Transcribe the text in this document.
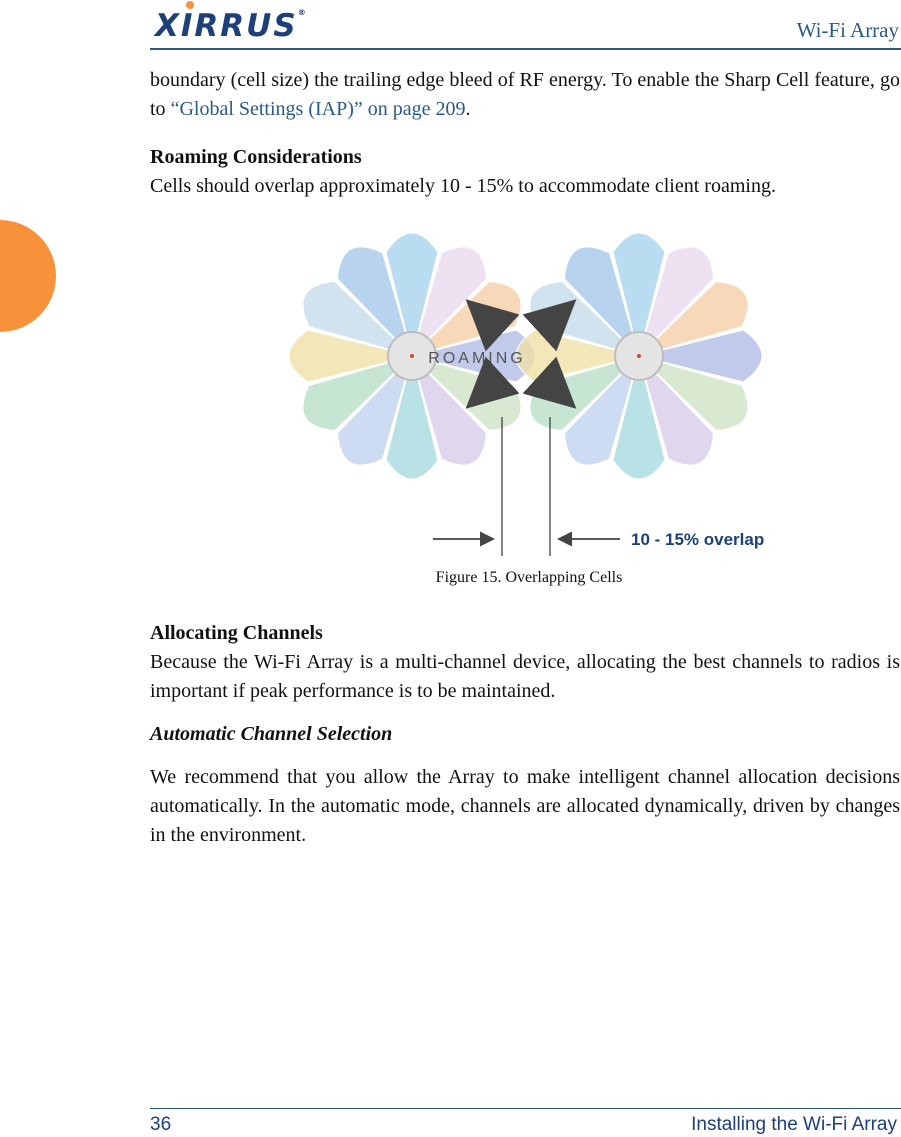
XIRRUS®
Wi-Fi Array

boundary (cell size) the trailing edge bleed of RF energy. To enable the Sharp Cell feature, go to “Global Settings (IAP)” on page 209.

Roaming Considerations

Cells should overlap approximately 10 - 15% to accommodate client roaming.

ROAMING
10 - 15% overlap
Figure 15. Overlapping Cells
Allocating Channels

Because the Wi-Fi Array is a multi-channel device, allocating the best channels to radios is important if peak performance is to be maintained.

Automatic Channel Selection

We recommend that you allow the Array to make intelligent channel allocation decisions automatically. In the automatic mode, channels are allocated dynamically, driven by changes in the environment.

36	Installing the Wi-Fi Array
